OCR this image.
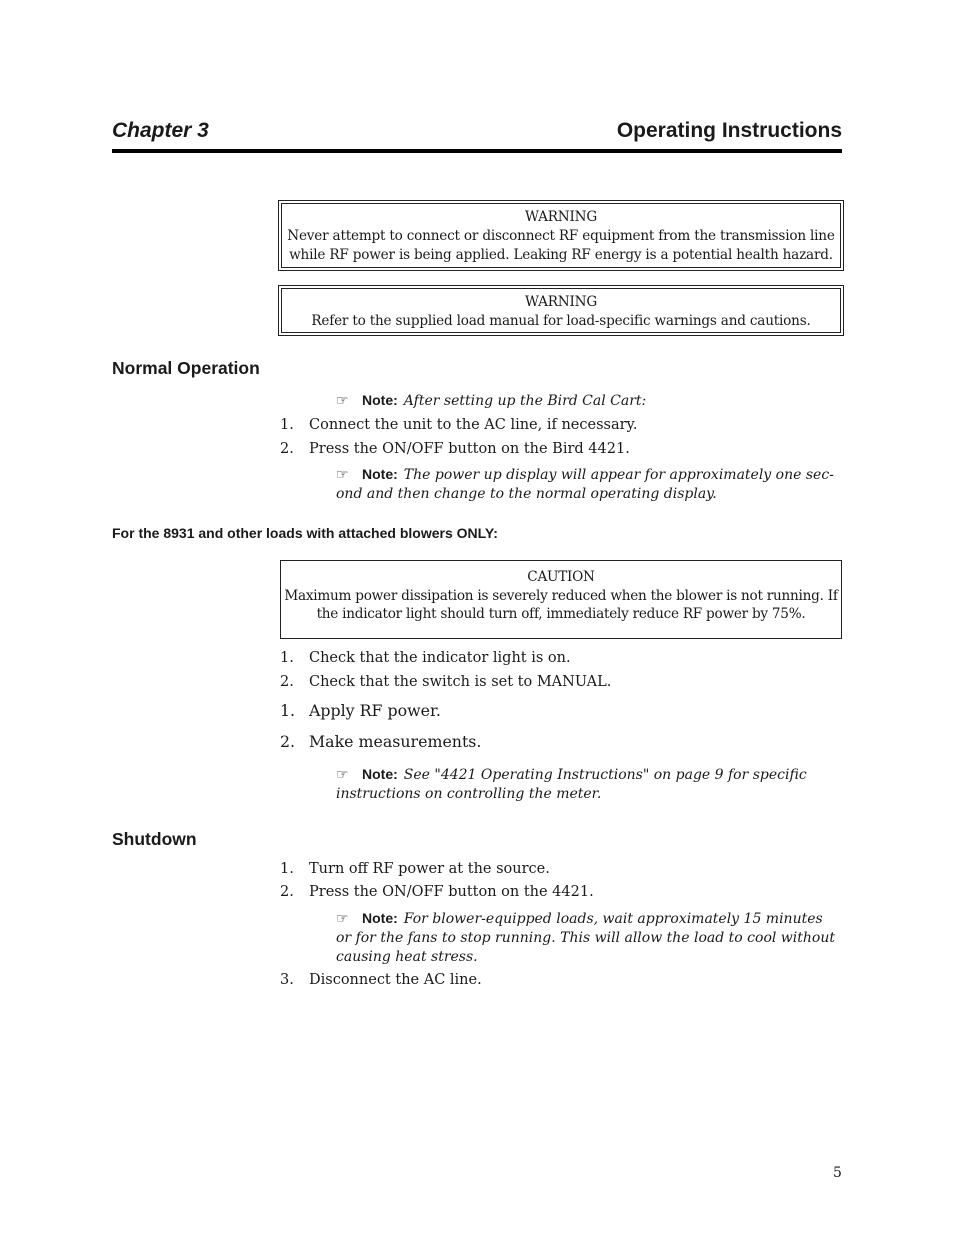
Chapter 3	Operating Instructions
WARNING
Never attempt to connect or disconnect RF equipment from the transmission line
while RF power is being applied. Leaking RF energy is a potential health hazard.
WARNING
Refer to the supplied load manual for load-specific warnings and cautions.
Normal Operation
☞ Note: After setting up the Bird Cal Cart:
1. Connect the unit to the AC line, if necessary.
2. Press the ON/OFF button on the Bird 4421.
☞ Note: The power up display will appear for approximately one sec-
ond and then change to the normal operating display.
For the 8931 and other loads with attached blowers ONLY:
CAUTION
Maximum power dissipation is severely reduced when the blower is not running. If
the indicator light should turn off, immediately reduce RF power by 75%.
1. Check that the indicator light is on.
2. Check that the switch is set to MANUAL.
1. Apply RF power.
2. Make measurements.
☞ Note: See "4421 Operating Instructions" on page 9 for specific
instructions on controlling the meter.
Shutdown
1. Turn off RF power at the source.
2. Press the ON/OFF button on the 4421.
☞ Note: For blower-equipped loads, wait approximately 15 minutes
or for the fans to stop running. This will allow the load to cool without
causing heat stress.
3. Disconnect the AC line.
5
